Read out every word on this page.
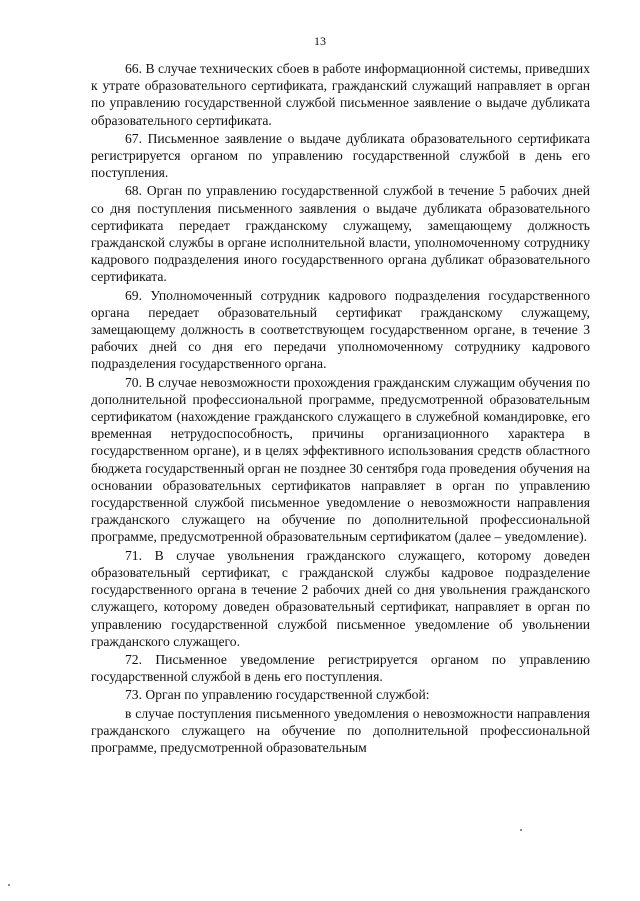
13

66. В случае технических сбоев в работе информационной системы, приведших к утрате образовательного сертификата, гражданский служащий направляет в орган по управлению государственной службой письменное заявление о выдаче дубликата образовательного сертификата.

67. Письменное заявление о выдаче дубликата образовательного сертификата регистрируется органом по управлению государственной службой в день его поступления.

68. Орган по управлению государственной службой в течение 5 рабочих дней со дня поступления письменного заявления о выдаче дубликата образовательного сертификата передает гражданскому служащему, замещающему должность гражданской службы в органе исполнительной власти, уполномоченному сотруднику кадрового подразделения иного государственного органа дубликат образовательного сертификата.

69. Уполномоченный сотрудник кадрового подразделения государственного органа передает образовательный сертификат гражданскому служащему, замещающему должность в соответствующем государственном органе, в течение 3 рабочих дней со дня его передачи уполномоченному сотруднику кадрового подразделения государственного органа.

70. В случае невозможности прохождения гражданским служащим обучения по дополнительной профессиональной программе, предусмотренной образовательным сертификатом (нахождение гражданского служащего в служебной командировке, его временная нетрудоспособность, причины организационного характера в государственном органе), и в целях эффективного использования средств областного бюджета государственный орган не позднее 30 сентября года проведения обучения на основании образовательных сертификатов направляет в орган по управлению государственной службой письменное уведомление о невозможности направления гражданского служащего на обучение по дополнительной профессиональной программе, предусмотренной образовательным сертификатом (далее – уведомление).

71. В случае увольнения гражданского служащего, которому доведен образовательный сертификат, с гражданской службы кадровое подразделение государственного органа в течение 2 рабочих дней со дня увольнения гражданского служащего, которому доведен образовательный сертификат, направляет в орган по управлению государственной службой письменное уведомление об увольнении гражданского служащего.

72. Письменное уведомление регистрируется органом по управлению государственной службой в день его поступления.

73. Орган по управлению государственной службой:

в случае поступления письменного уведомления о невозможности направления гражданского служащего на обучение по дополнительной профессиональной программе, предусмотренной образовательным
